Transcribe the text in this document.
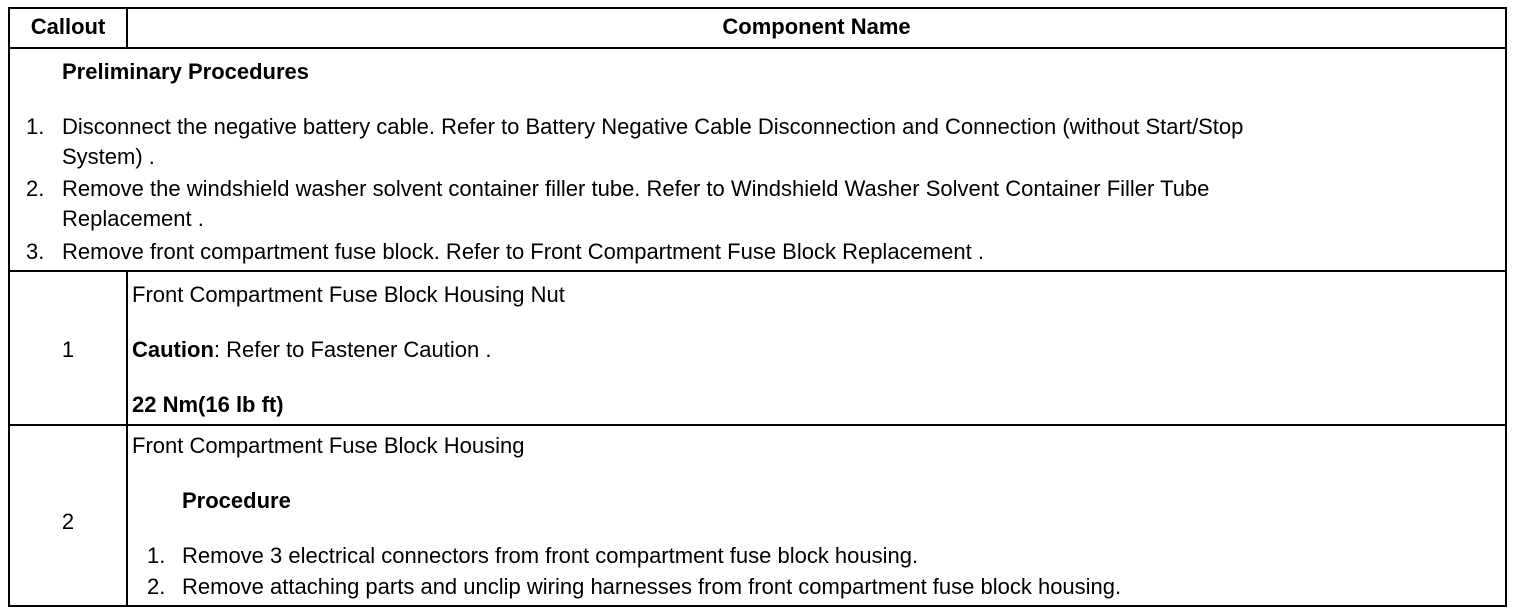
Callout	Component Name
Preliminary Procedures
1. Disconnect the negative battery cable. Refer to Battery Negative Cable Disconnection and Connection (without Start/Stop
System) .
2. Remove the windshield washer solvent container filler tube. Refer to Windshield Washer Solvent Container Filler Tube
Replacement .
3. Remove front compartment fuse block. Refer to Front Compartment Fuse Block Replacement .
1
Front Compartment Fuse Block Housing Nut
Caution: Refer to Fastener Caution .
22 Nm(16 lb ft)
2
Front Compartment Fuse Block Housing
Procedure
1. Remove 3 electrical connectors from front compartment fuse block housing.
2. Remove attaching parts and unclip wiring harnesses from front compartment fuse block housing.
